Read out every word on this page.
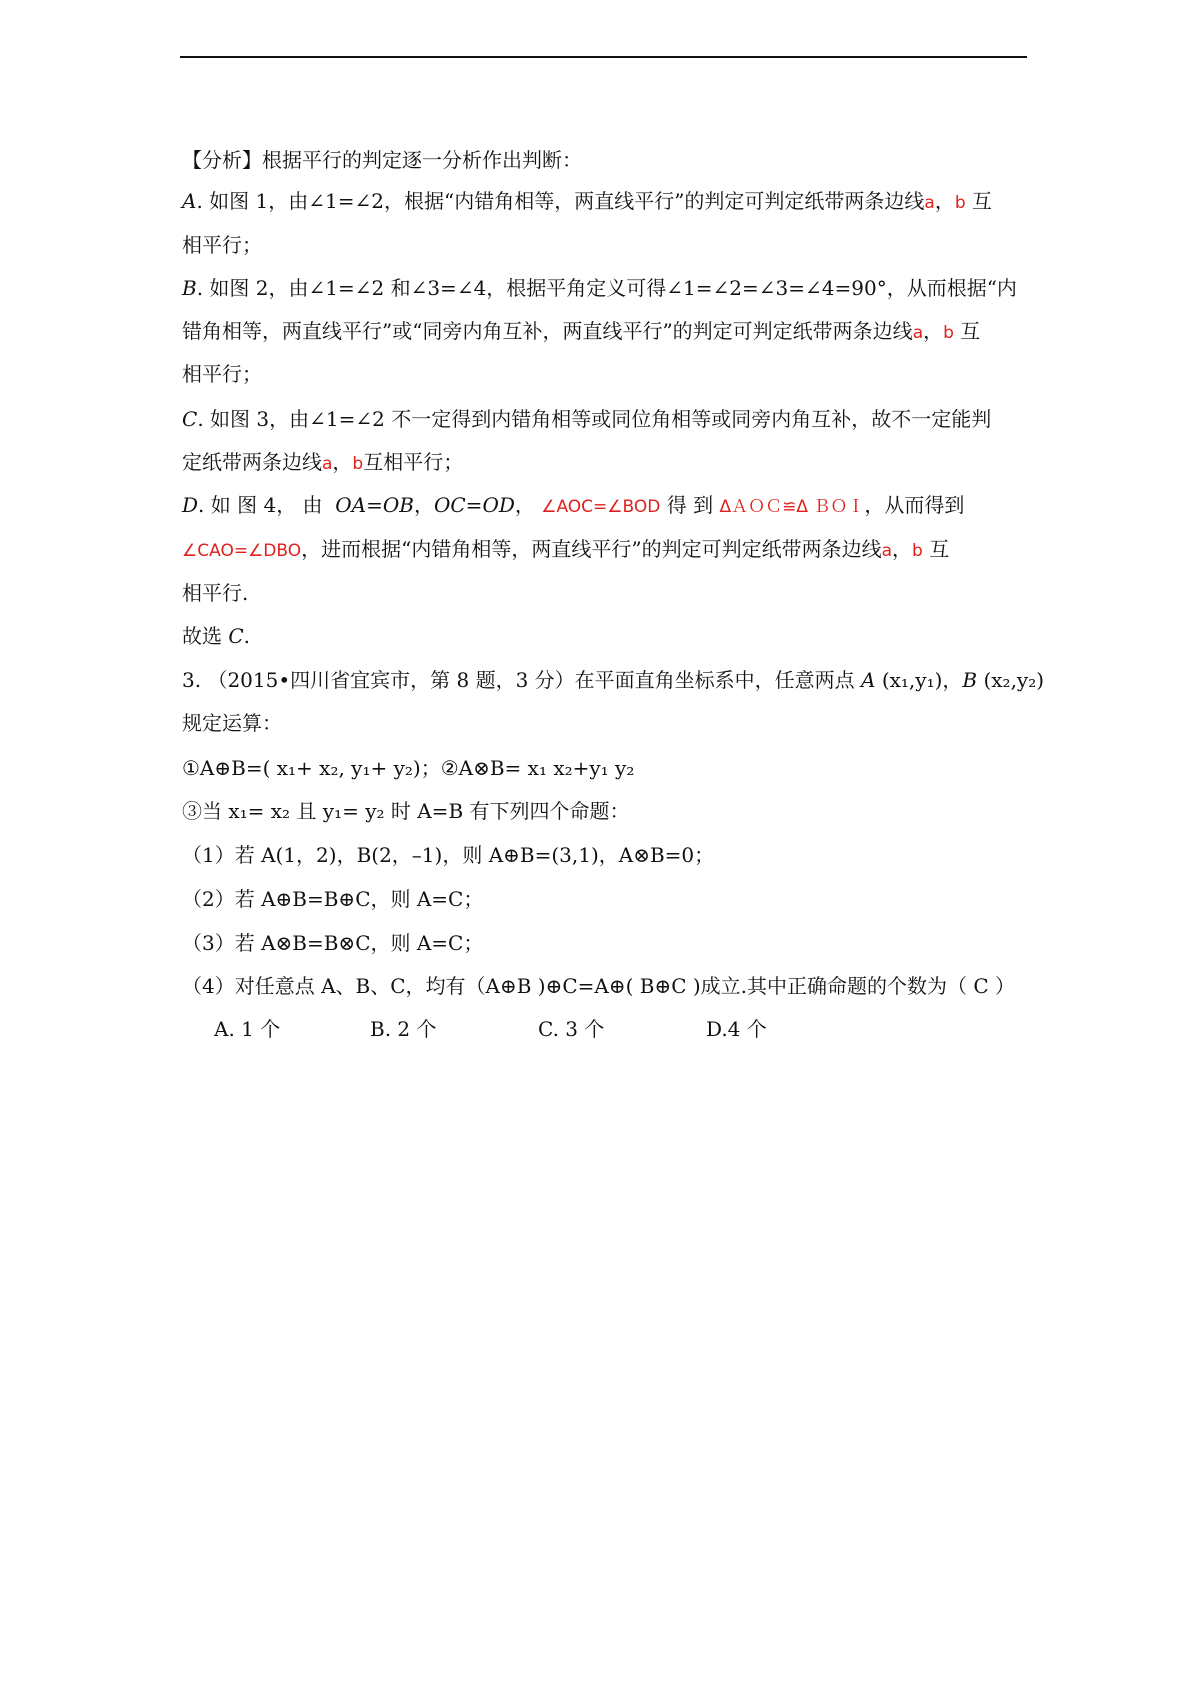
【分析】根据平行的判定逐一分析作出判断：
A. 如图 1，由∠1=∠2，根据“内错角相等，两直线平行”的判定可判定纸带两条边线a，b 互
相平行；
B. 如图 2，由∠1=∠2 和∠3=∠4，根据平角定义可得∠1=∠2=∠3=∠4=90°，从而根据“内
错角相等，两直线平行”或“同旁内角互补，两直线平行”的判定可判定纸带两条边线a，b 互
相平行；
C. 如图 3，由∠1=∠2 不一定得到内错角相等或同位角相等或同旁内角互补，故不一定能判
定纸带两条边线a，b互相平行；
D. 如 图 4， 由 OA=OB，OC=OD， ∠AOC=∠BOD 得 到 ΔＡＯＣ≌Δ ＢＯＩ，从而得到
∠CAO=∠DBO，进而根据“内错角相等，两直线平行”的判定可判定纸带两条边线a，b 互
相平行.
故选 C.
3. （2015•四川省宜宾市，第 8 题，3 分）在平面直角坐标系中，任意两点 A (x₁,y₁)，B (x₂,y₂)
规定运算：
①A⊕B=( x₁+ x₂, y₁+ y₂)；②A⊗B= x₁ x₂+y₁ y₂
③当 x₁= x₂ 且 y₁= y₂ 时 A=B 有下列四个命题：
（1）若 A(1，2)，B(2，–1)，则 A⊕B=(3,1)，A⊗B=0；
（2）若 A⊕B=B⊕C，则 A=C；
（3）若 A⊗B=B⊗C，则 A=C；
（4）对任意点 A、B、C，均有（A⊕B )⊕C=A⊕( B⊕C )成立.其中正确命题的个数为（ C ）
A. 1 个	B. 2 个	C. 3 个	D.4 个
